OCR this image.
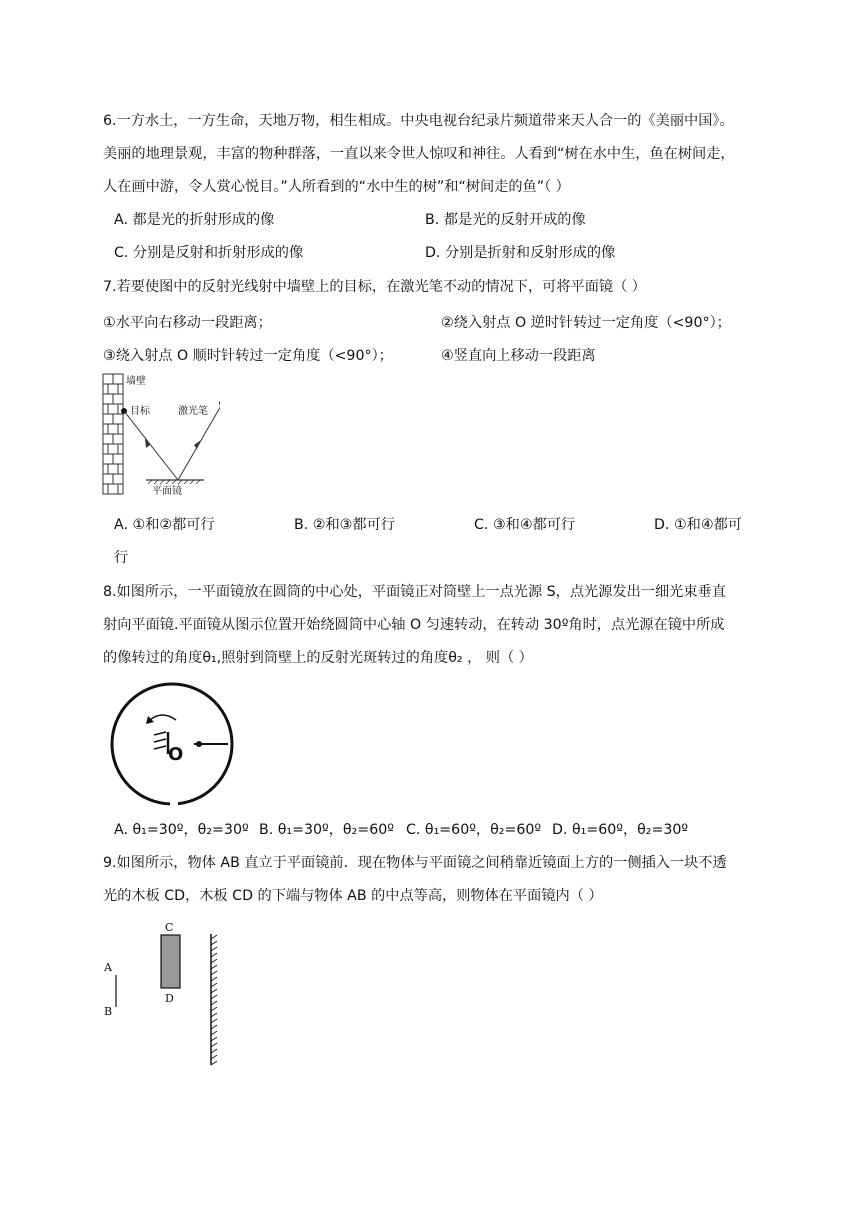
6.一方水土，一方生命，天地万物，相生相成。中央电视台纪录片频道带来天人合一的《美丽中国》。
美丽的地理景观，丰富的物种群落，一直以来令世人惊叹和神往。人看到“树在水中生，鱼在树间走，
人在画中游，令人赏心悦目。”人所看到的“水中生的树”和“树间走的鱼”（ ）
A. 都是光的折射形成的像	B. 都是光的反射开成的像
C. 分别是反射和折射形成的像	D. 分别是折射和反射形成的像
7.若要使图中的反射光线射中墙壁上的目标，在激光笔不动的情况下，可将平面镜（ ）
①水平向右移动一段距离；	②绕入射点 O 逆时针转过一定角度（<90°）；
③绕入射点 O 顺时针转过一定角度（<90°）；	④竖直向上移动一段距离
墙壁
目标	激光笔
平面镜
A. ①和②都可行	B. ②和③都可行	C. ③和④都可行	D. ①和④都可
行
8.如图所示，一平面镜放在圆筒的中心处，平面镜正对筒壁上一点光源 S，点光源发出一细光束垂直
射向平面镜.平面镜从图示位置开始绕圆筒中心轴 O 匀速转动，在转动 30º角时，点光源在镜中所成
的像转过的角度θ₁,照射到筒壁上的反射光斑转过的角度θ₂ ， 则（ ）
O
A. θ₁=30º，θ₂=30º B. θ₁=30º，θ₂=60º C. θ₁=60º，θ₂=60º D. θ₁=60º，θ₂=30º
9.如图所示，物体 AB 直立于平面镜前．现在物体与平面镜之间稍靠近镜面上方的一侧插入一块不透
光的木板 CD，木板 CD 的下端与物体 AB 的中点等高，则物体在平面镜内（ ）
A
B
C
D
